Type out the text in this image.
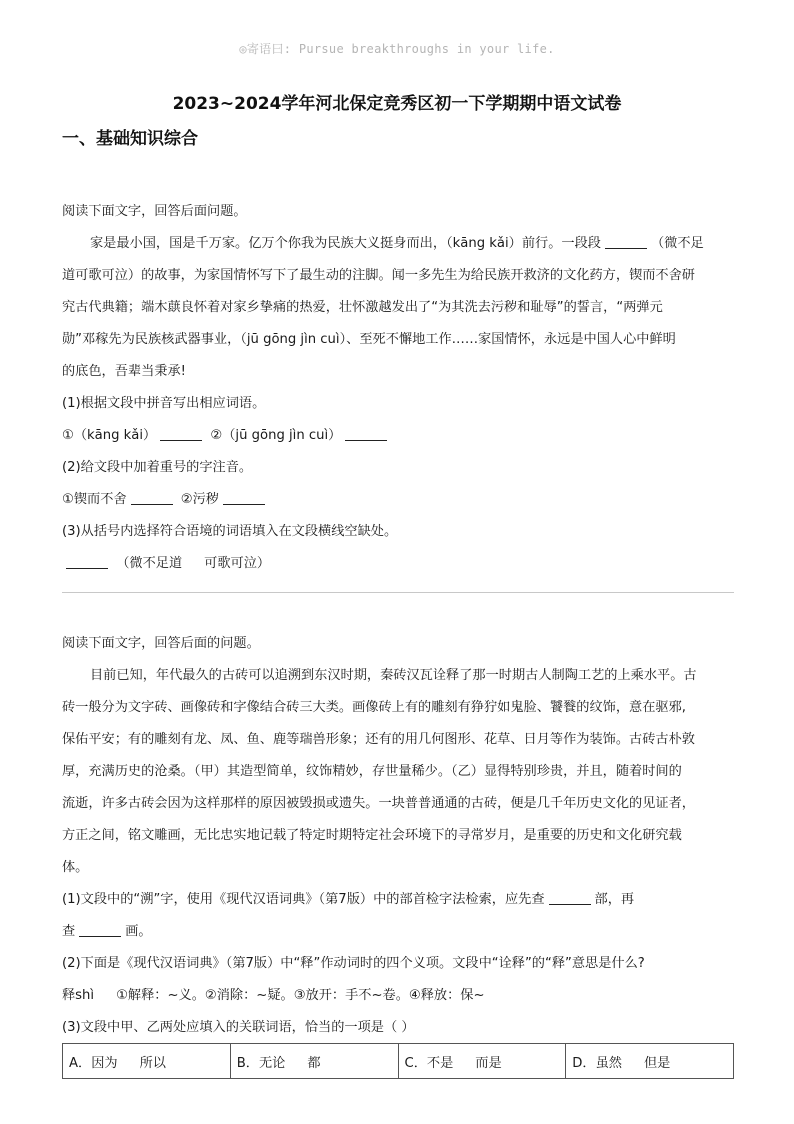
◎寄语曰: Pursue breakthroughs in your life.
2023~2024学年河北保定竞秀区初一下学期期中语文试卷
一、基础知识综合
阅读下面文字，回答后面问题。
家是最小国，国是千万家。亿万个你我为民族大义挺身而出，（kāng kǎi）前行。一段段	（微不足
道可歌可泣）的故事，为家国情怀写下了最生动的注脚。闻一多先生为给民族开救济的文化药方，锲而不舍研
究古代典籍；端木蕻良怀着对家乡挚痛的热爱，壮怀激越发出了“为其洗去污秽和耻辱”的誓言，“两弹元
勋”邓稼先为民族核武器事业，（jū gōng jìn cuì）、至死不懈地工作……家国情怀，永远是中国人心中鲜明
的底色，吾辈当秉承!
(1)根据文段中拼音写出相应词语。
①（kāng kǎi）	②（jū gōng jìn cuì）
(2)给文段中加着重号的字注音。
①锲而不舍	②污秽
(3)从括号内选择符合语境的词语填入在文段横线空缺处。
（微不足道 可歌可泣）
阅读下面文字，回答后面的问题。
目前已知，年代最久的古砖可以追溯到东汉时期，秦砖汉瓦诠释了那一时期古人制陶工艺的上乘水平。古
砖一般分为文字砖、画像砖和字像结合砖三大类。画像砖上有的雕刻有狰狞如鬼脸、饕餮的纹饰，意在驱邪,
保佑平安；有的雕刻有龙、凤、鱼、鹿等瑞兽形象；还有的用几何图形、花草、日月等作为装饰。古砖古朴敦
厚，充满历史的沧桑。（甲）其造型简单，纹饰精妙，存世量稀少。（乙）显得特别珍贵，并且，随着时间的
流逝，许多古砖会因为这样那样的原因被毁损或遗失。一块普普通通的古砖，便是几千年历史文化的见证者，
方正之间，铭文雕画，无比忠实地记载了特定时期特定社会环境下的寻常岁月，是重要的历史和文化研究载
体。
(1)文段中的“溯”字，使用《现代汉语词典》（第7版）中的部首检字法检索，应先查	部，再
查	画。
(2)下面是《现代汉语词典》（第7版）中“释”作动词时的四个义项。文段中“诠释”的“释”意思是什么?
释shì ①解释：~义。②消除：~疑。③放开：手不~卷。④释放：保~
(3)文段中甲、乙两处应填入的关联词语，恰当的一项是（ ）
A．因为 所以	B．无论 都	C．不是 而是	D．虽然 但是
